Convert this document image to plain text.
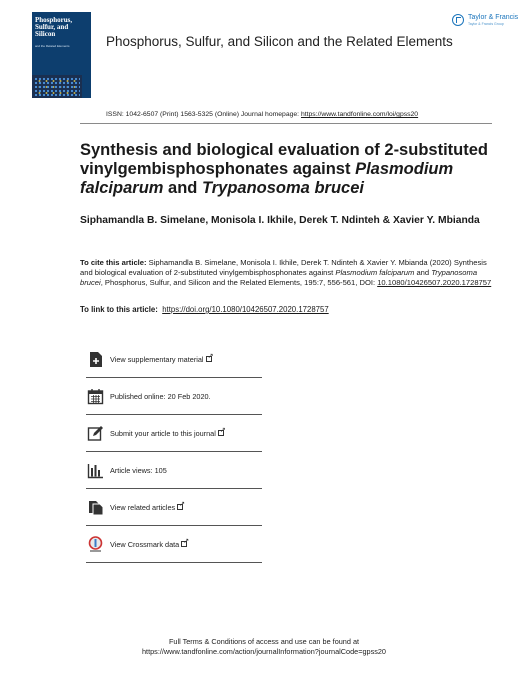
Phosphorus,
Sulfur, and
Silicon
and the Related Elements
Taylor & Francis
Taylor & Francis Group
Phosphorus, Sulfur, and Silicon and the Related Elements
ISSN: 1042-6507 (Print) 1563-5325 (Online) Journal homepage: https://www.tandfonline.com/loi/gpss20
Synthesis and biological evaluation of 2-substituted vinylgembisphosphonates against Plasmodium falciparum and Trypanosoma brucei

Siphamandla B. Simelane, Monisola I. Ikhile, Derek T. Ndinteh & Xavier Y. Mbianda

To cite this article: Siphamandla B. Simelane, Monisola I. Ikhile, Derek T. Ndinteh & Xavier Y. Mbianda (2020) Synthesis and biological evaluation of 2-substituted vinylgembisphosphonates against Plasmodium falciparum and Trypanosoma brucei, Phosphorus, Sulfur, and Silicon and the Related Elements, 195:7, 556-561, DOI: 10.1080/10426507.2020.1728757

To link to this article: https://doi.org/10.1080/10426507.2020.1728757

View supplementary material
↗
Published online: 20 Feb 2020.
Submit your article to this journal
↗
Article views: 105
View related articles
↗
View Crossmark data
↗
Full Terms & Conditions of access and use can be found at
https://www.tandfonline.com/action/journalInformation?journalCode=gpss20
